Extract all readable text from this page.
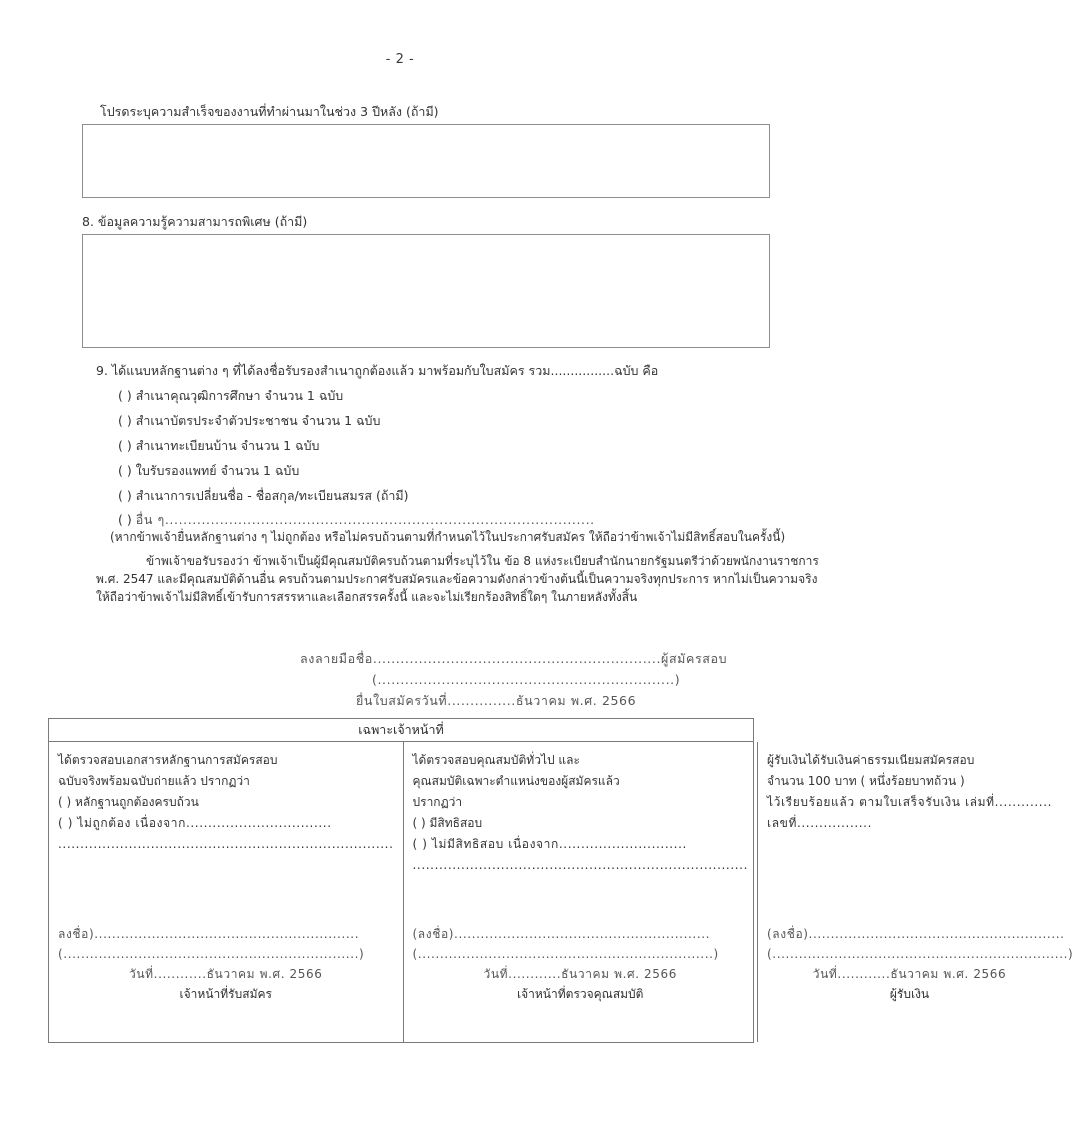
- 2 -
โปรดระบุความสำเร็จของงานที่ทำผ่านมาในช่วง 3 ปีหลัง (ถ้ามี)
8. ข้อมูลความรู้ความสามารถพิเศษ (ถ้ามี)
9. ได้แนบหลักฐานต่าง ๆ ที่ได้ลงชื่อรับรองสำเนาถูกต้องแล้ว มาพร้อมกับใบสมัคร รวม................ฉบับ คือ
( ) สำเนาคุณวุฒิการศึกษา จำนวน 1 ฉบับ
( ) สำเนาบัตรประจำตัวประชาชน จำนวน 1 ฉบับ
( ) สำเนาทะเบียนบ้าน จำนวน 1 ฉบับ
( ) ใบรับรองแพทย์ จำนวน 1 ฉบับ
( ) สำเนาการเปลี่ยนชื่อ - ชื่อสกุล/ทะเบียนสมรส (ถ้ามี)
( ) อื่น ๆ..............................................................................................
(หากข้าพเจ้ายื่นหลักฐานต่าง ๆ ไม่ถูกต้อง หรือไม่ครบถ้วนตามที่กำหนดไว้ในประกาศรับสมัคร ให้ถือว่าข้าพเจ้าไม่มีสิทธิ์สอบในครั้งนี้)
ข้าพเจ้าขอรับรองว่า ข้าพเจ้าเป็นผู้มีคุณสมบัติครบถ้วนตามที่ระบุไว้ใน ข้อ 8 แห่งระเบียบสำนักนายกรัฐมนตรีว่าด้วยพนักงานราชการ
พ.ศ. 2547 และมีคุณสมบัติด้านอื่น ครบถ้วนตามประกาศรับสมัครและข้อความดังกล่าวข้างต้นนี้เป็นความจริงทุกประการ หากไม่เป็นความจริง
ให้ถือว่าข้าพเจ้าไม่มีสิทธิ์เข้ารับการสรรหาและเลือกสรรครั้งนี้ และจะไม่เรียกร้องสิทธิ์ใดๆ ในภายหลังทั้งสิ้น
ลงลายมือชื่อ...............................................................ผู้สมัครสอบ
(.................................................................)
ยื่นใบสมัครวันที่...............ธันวาคม พ.ศ. 2566
เฉพาะเจ้าหน้าที่
ได้ตรวจสอบเอกสารหลักฐานการสมัครสอบ
ฉบับจริงพร้อมฉบับถ่ายแล้ว ปรากฏว่า
( ) หลักฐานถูกต้องครบถ้วน
( ) ไม่ถูกต้อง เนื่องจาก.................................
............................................................................
ลงชื่อ)............................................................
(...................................................................)
วันที่............ธันวาคม พ.ศ. 2566
เจ้าหน้าที่รับสมัคร
ได้ตรวจสอบคุณสมบัติทั่วไป และ
คุณสมบัติเฉพาะตำแหน่งของผู้สมัครแล้ว
ปรากฏว่า
( ) มีสิทธิสอบ
( ) ไม่มีสิทธิสอบ เนื่องจาก.............................
............................................................................
(ลงชื่อ)..........................................................
(...................................................................)
วันที่............ธันวาคม พ.ศ. 2566
เจ้าหน้าที่ตรวจคุณสมบัติ
ผู้รับเงินได้รับเงินค่าธรรมเนียมสมัครสอบ
จำนวน 100 บาท ( หนึ่งร้อยบาทถ้วน )
ไว้เรียบร้อยแล้ว ตามใบเสร็จรับเงิน เล่มที่.............
เลขที่.................
(ลงชื่อ)..........................................................
(...................................................................)
วันที่............ธันวาคม พ.ศ. 2566
ผู้รับเงิน
